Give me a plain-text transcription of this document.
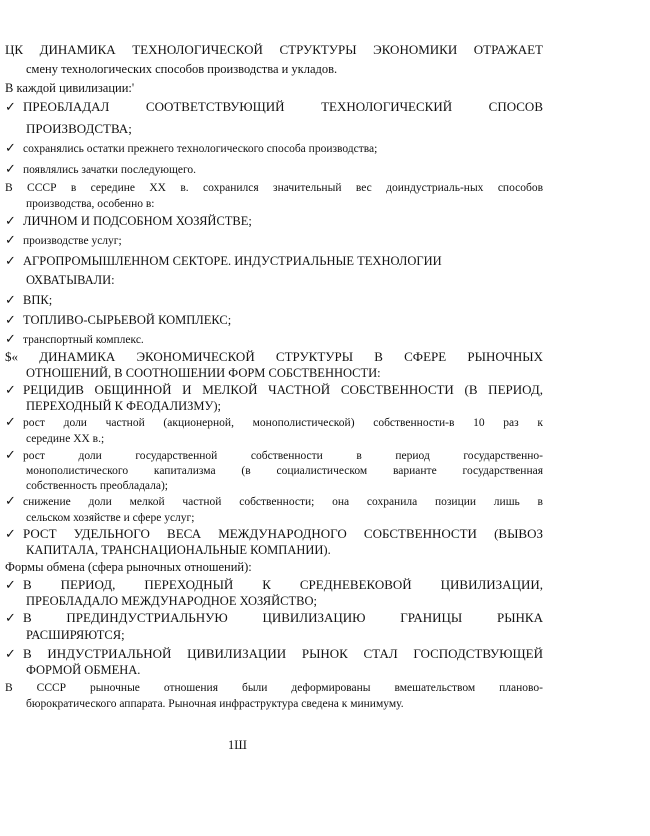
ЦК ДИНАМИКА ТЕХНОЛОГИЧЕСКОЙ СТРУКТУРЫ ЭКОНОМИКИ ОТРАЖАЕТ
смену технологических способов производства и укладов.
В каждой цивилизации:'
✓ ПРЕОБЛАДАЛ СООТВЕТСТВУЮЩИЙ ТЕХНОЛОГИЧЕСКИЙ СПОСОВ
ПРОИЗВОДСТВА;
✓ сохранялись остатки прежнего технологического способа производства;
✓ появлялись зачатки последующего.
В СССР в середине XX в. сохранился значительный вес доиндустриаль-ных способов
производства, особенно в:
✓ ЛИЧНОМ И ПОДСОБНОМ ХОЗЯЙСТВЕ;
✓ производстве услуг;
✓ АГРОПРОМЫШЛЕННОМ СЕКТОРЕ. ИНДУСТРИАЛЬНЫЕ ТЕХНОЛОГИИ
ОХВАТЫВАЛИ:
✓ ВПК;
✓ ТОПЛИВО-СЫРЬЕВОЙ КОМПЛЕКС;
✓ транспортный комплекс.
$« ДИНАМИКА ЭКОНОМИЧЕСКОЙ СТРУКТУРЫ В СФЕРЕ РЫНОЧНЫХ
ОТНОШЕНИЙ, В СООТНОШЕНИИ ФОРМ СОБСТВЕННОСТИ:
✓ РЕЦИДИВ ОБЩИННОЙ И МЕЛКОЙ ЧАСТНОЙ СОБСТВЕННОСТИ (В ПЕРИОД,
ПЕРЕХОДНЫЙ К ФЕОДАЛИЗМУ);
✓ рост доли частной (акционерной, монополистической) собственности-в 10 раз к
середине XX в.;
✓ рост доли государственной собственности в период государственно-
монополистического капитализма (в социалистическом варианте государственная
собственность преобладала);
✓ снижение доли мелкой частной собственности; она сохранила позиции лишь в
сельском хозяйстве и сфере услуг;
✓ РОСТ УДЕЛЬНОГО ВЕСА МЕЖДУНАРОДНОГО СОБСТВЕННОСТИ (ВЫВОЗ
КАПИТАЛА, ТРАНСНАЦИОНАЛЬНЫЕ КОМПАНИИ).
Формы обмена (сфера рыночных отношений):
✓ В ПЕРИОД, ПЕРЕХОДНЫЙ К СРЕДНЕВЕКОВОЙ ЦИВИЛИЗАЦИИ,
ПРЕОБЛАДАЛО МЕЖДУНАРОДНОЕ ХОЗЯЙСТВО;
✓ В ПРЕДИНДУСТРИАЛЬНУЮ ЦИВИЛИЗАЦИЮ ГРАНИЦЫ РЫНКА
РАСШИРЯЮТСЯ;
✓ В ИНДУСТРИАЛЬНОЙ ЦИВИЛИЗАЦИИ РЫНОК СТАЛ ГОСПОДСТВУЮЩЕЙ
ФОРМОЙ ОБМЕНА.
В СССР рыночные отношения были деформированы вмешательством планово-
бюрократического аппарата. Рыночная инфраструктура сведена к минимуму.
1Ш
